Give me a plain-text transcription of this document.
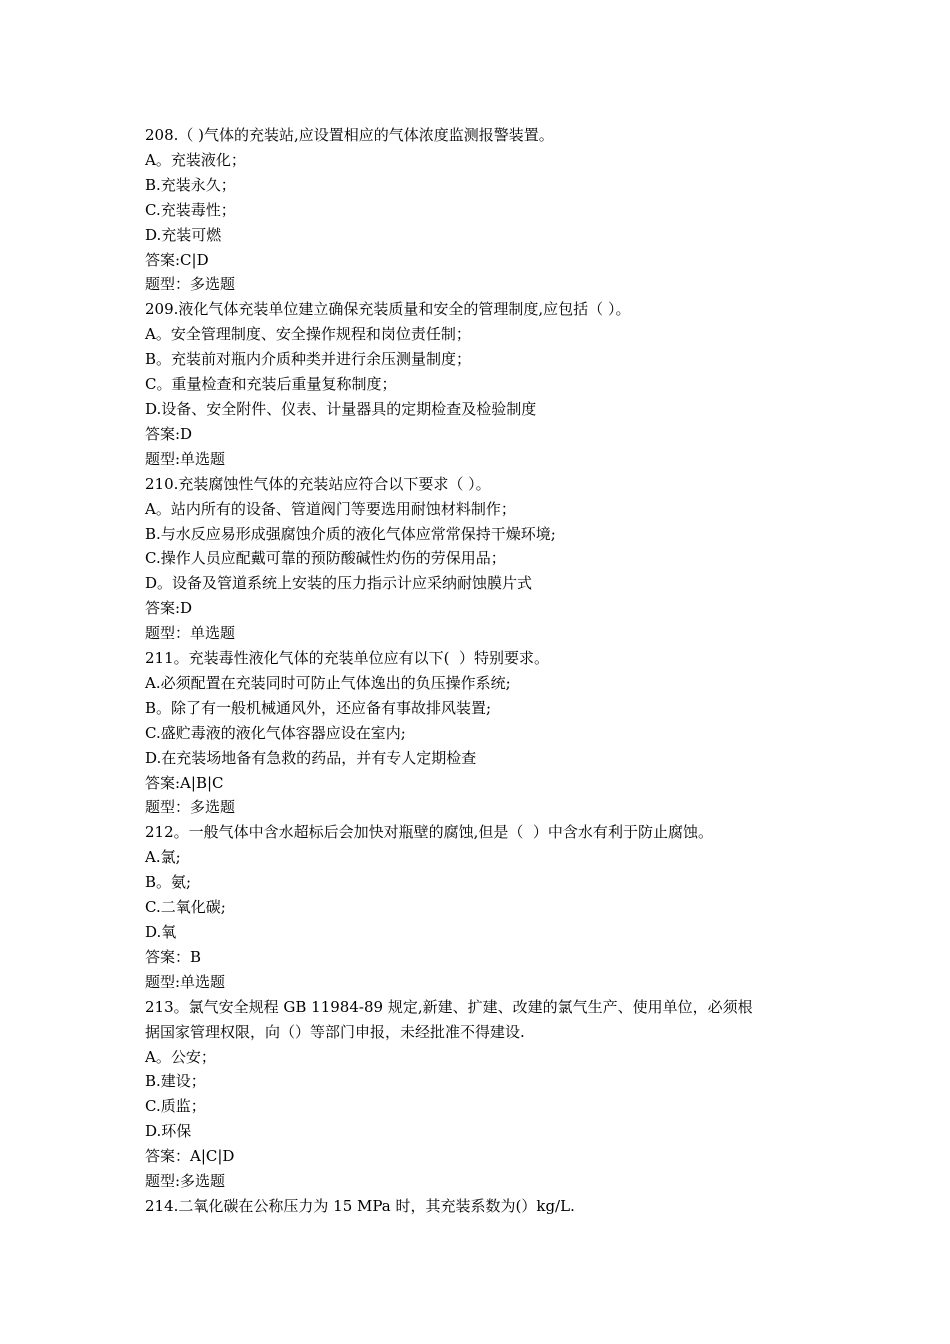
208.（ )气体的充装站,应设置相应的气体浓度监测报警装置。
A。充装液化；
B.充装永久；
C.充装毒性；
D.充装可燃
答案:C|D
题型：多选题
209.液化气体充装单位建立确保充装质量和安全的管理制度,应包括（ ）。
A。安全管理制度、安全操作规程和岗位责任制；
B。充装前对瓶内介质种类并进行余压测量制度；
C。重量检查和充装后重量复称制度；
D.设备、安全附件、仪表、计量器具的定期检查及检验制度
答案:D
题型:单选题
210.充装腐蚀性气体的充装站应符合以下要求（ ）。
A。站内所有的设备、管道阀门等要选用耐蚀材料制作；
B.与水反应易形成强腐蚀介质的液化气体应常常保持干燥环境;
C.操作人员应配戴可靠的预防酸碱性灼伤的劳保用品；
D。设备及管道系统上安装的压力指示计应采纳耐蚀膜片式
答案:D
题型：单选题
211。充装毒性液化气体的充装单位应有以下(  ）特别要求。
A.必须配置在充装同时可防止气体逸出的负压操作系统;
B。除了有一般机械通风外，还应备有事故排风装置;
C.盛贮毒液的液化气体容器应设在室内;
D.在充装场地备有急救的药品，并有专人定期检查
答案:A|B|C
题型：多选题
212。一般气体中含水超标后会加快对瓶壁的腐蚀,但是（  ）中含水有利于防止腐蚀。
A.氯;
B。氨;
C.二氧化碳;
D.氧
答案：B
题型:单选题
213。氯气安全规程 GB 11984-89 规定,新建、扩建、改建的氯气生产、使用单位，必须根
据国家管理权限，向（）等部门申报，未经批准不得建设.
A。公安；
B.建设；
C.质监；
D.环保
答案：A|C|D
题型:多选题
214.二氧化碳在公称压力为 15 MPa 时，其充装系数为(）kg/L.
